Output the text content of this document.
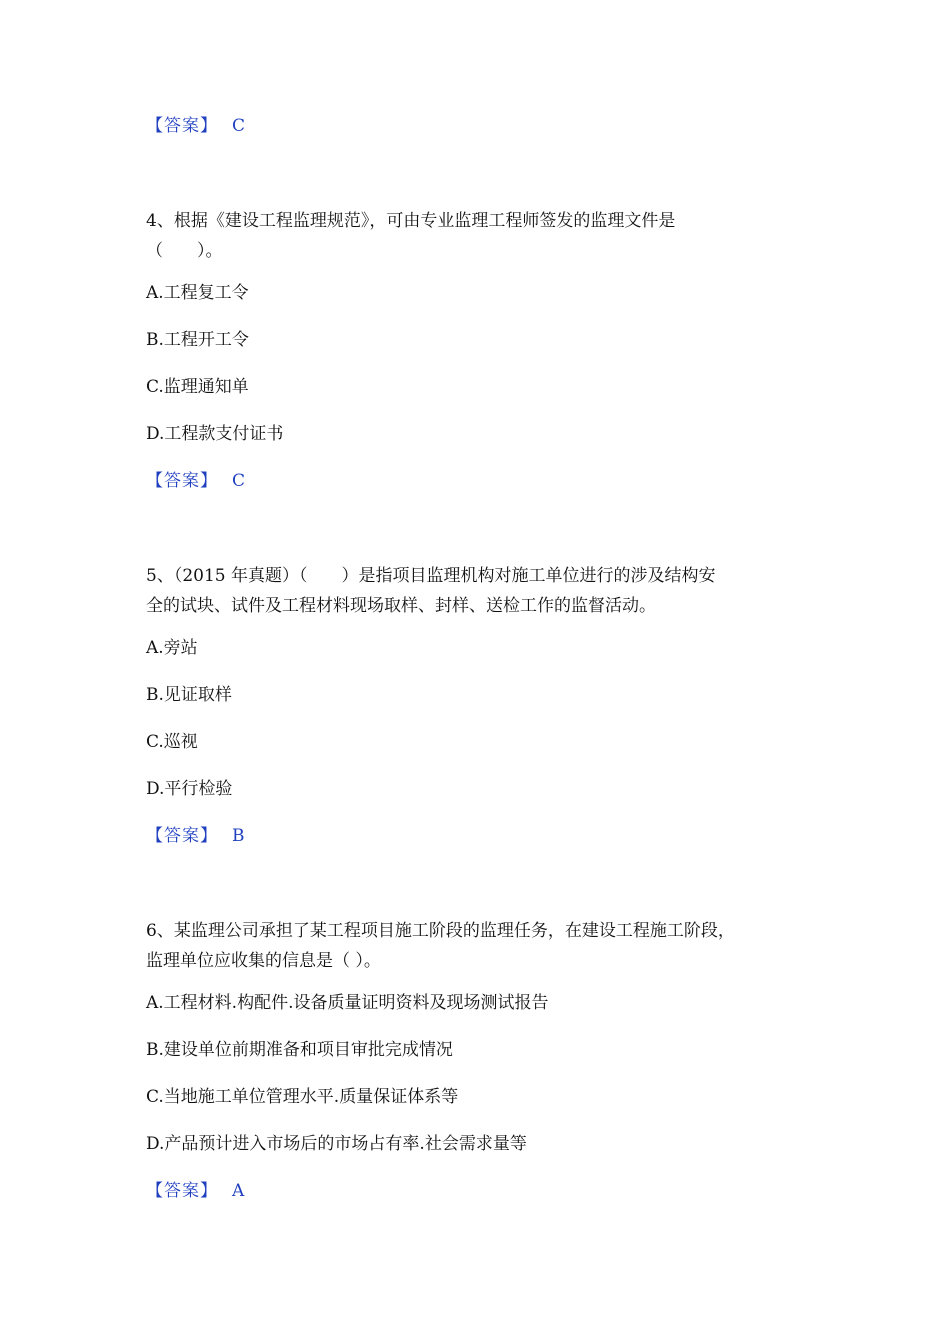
【答案】 C
4、根据《建设工程监理规范》，可由专业监理工程师签发的监理文件是
（　　）。
A.工程复工令
B.工程开工令
C.监理通知单
D.工程款支付证书
【答案】 C
5、（2015 年真题）（　　）是指项目监理机构对施工单位进行的涉及结构安
全的试块、试件及工程材料现场取样、封样、送检工作的监督活动。
A.旁站
B.见证取样
C.巡视
D.平行检验
【答案】 B
6、某监理公司承担了某工程项目施工阶段的监理任务，在建设工程施工阶段，
监理单位应收集的信息是（ ）。
A.工程材料.构配件.设备质量证明资料及现场测试报告
B.建设单位前期准备和项目审批完成情况
C.当地施工单位管理水平.质量保证体系等
D.产品预计进入市场后的市场占有率.社会需求量等
【答案】 A
